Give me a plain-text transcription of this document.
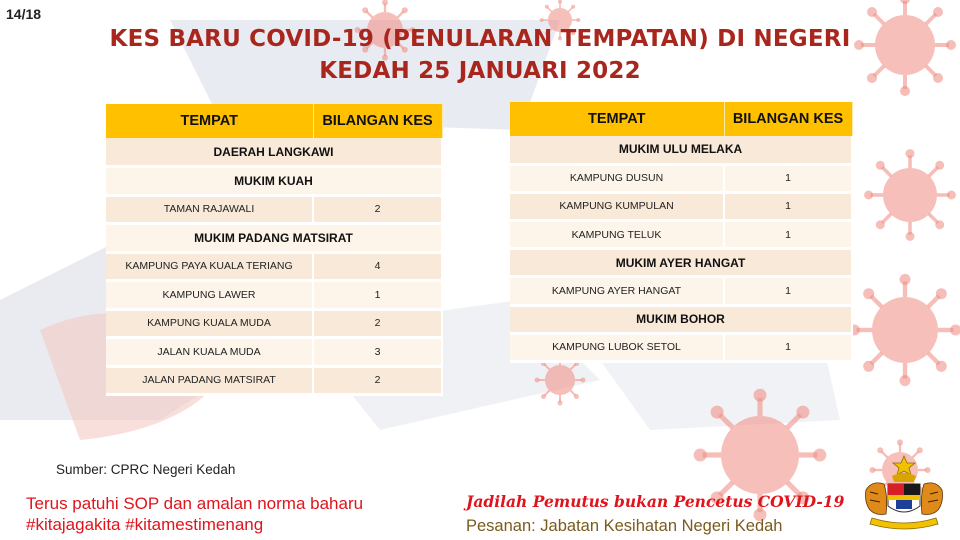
14/18
KES BARU COVID-19 (PENULARAN TEMPATAN) DI NEGERI
KEDAH 25 JANUARI 2022
TEMPAT	BILANGAN KES
DAERAH LANGKAWI	
MUKIM KUAH	
TAMAN RAJAWALI	2
MUKIM PADANG MATSIRAT	
KAMPUNG PAYA KUALA TERIANG	4
KAMPUNG LAWER	1
KAMPUNG KUALA MUDA	2
JALAN KUALA MUDA	3
JALAN PADANG MATSIRAT	2
TEMPAT	BILANGAN KES
MUKIM ULU MELAKA	
KAMPUNG DUSUN	1
KAMPUNG KUMPULAN	1
KAMPUNG TELUK	1
MUKIM AYER HANGAT	
KAMPUNG AYER HANGAT	1
MUKIM BOHOR	
KAMPUNG LUBOK SETOL	1
Sumber: CPRC Negeri Kedah
Terus patuhi SOP dan amalan norma baharu
#kitajagakita #kitamestimenang
Jadilah Pemutus bukan Pencetus COVID-19
Pesanan: Jabatan Kesihatan Negeri Kedah
